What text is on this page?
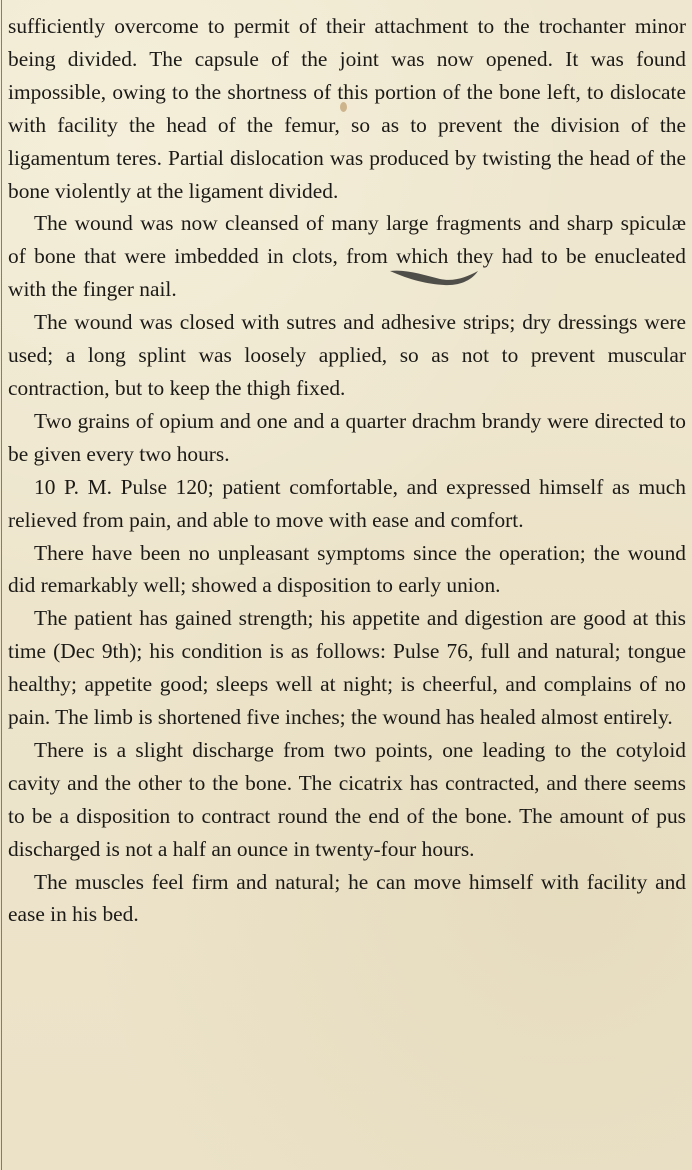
sufficiently overcome to permit of their attachment to the trochanter minor being divided. The capsule of the joint was now opened. It was found impossible, owing to the shortness of this portion of the bone left, to dislocate with facility the head of the femur, so as to prevent the division of the ligamentum teres. Partial dislocation was produced by twisting the head of the bone violently at the ligament divided.

The wound was now cleansed of many large fragments and sharp spiculæ of bone that were imbedded in clots, from which they had to be enucleated with the finger nail.

The wound was closed with sutres and adhesive strips; dry dressings were used; a long splint was loosely applied, so as not to prevent muscular contraction, but to keep the thigh fixed.

Two grains of opium and one and a quarter drachm brandy were directed to be given every two hours.

10 P. M. Pulse 120; patient comfortable, and expressed himself as much relieved from pain, and able to move with ease and comfort.

There have been no unpleasant symptoms since the operation; the wound did remarkably well; showed a disposition to early union.

The patient has gained strength; his appetite and digestion are good at this time (Dec 9th); his condition is as follows: Pulse 76, full and natural; tongue healthy; appetite good; sleeps well at night; is cheerful, and complains of no pain. The limb is shortened five inches; the wound has healed almost entirely.

There is a slight discharge from two points, one leading to the cotyloid cavity and the other to the bone. The cicatrix has contracted, and there seems to be a disposition to contract round the end of the bone. The amount of pus discharged is not a half an ounce in twenty-four hours.

The muscles feel firm and natural; he can move himself with facility and ease in his bed.
